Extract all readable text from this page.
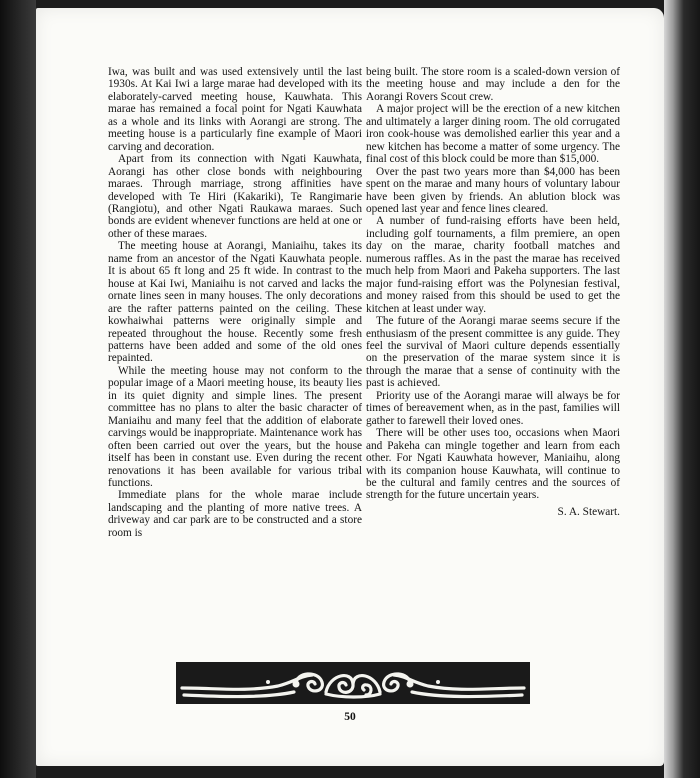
Iwa, was built and was used extensively until the last 1930s. At Kai Iwi a large marae had developed with its elaborately-carved meeting house, Kauwhata. This marae has remained a focal point for Ngati Kauwhata as a whole and its links with Aorangi are strong. The meeting house is a particularly fine example of Maori carving and decoration.

Apart from its connection with Ngati Kauwhata, Aorangi has other close bonds with neighbouring maraes. Through marriage, strong affinities have developed with Te Hiri (Kakariki), Te Rangimarie (Rangiotu), and other Ngati Raukawa maraes. Such bonds are evident whenever functions are held at one or other of these maraes.

The meeting house at Aorangi, Maniaihu, takes its name from an ancestor of the Ngati Kauwhata people. It is about 65 ft long and 25 ft wide. In contrast to the house at Kai Iwi, Maniaihu is not carved and lacks the ornate lines seen in many houses. The only decorations are the rafter patterns painted on the ceiling. These kowhaiwhai patterns were originally simple and repeated throughout the house. Recently some fresh patterns have been added and some of the old ones repainted.

While the meeting house may not conform to the popular image of a Maori meeting house, its beauty lies in its quiet dignity and simple lines. The present committee has no plans to alter the basic character of Maniaihu and many feel that the addition of elaborate carvings would be inappropriate. Maintenance work has often been carried out over the years, but the house itself has been in constant use. Even during the recent renovations it has been available for various tribal functions.

Immediate plans for the whole marae include landscaping and the planting of more native trees. A driveway and car park are to be constructed and a store room is

being built. The store room is a scaled-down version of the meeting house and may include a den for the Aorangi Rovers Scout crew.

A major project will be the erection of a new kitchen and ultimately a larger dining room. The old corrugated iron cook-house was demolished earlier this year and a new kitchen has become a matter of some urgency. The final cost of this block could be more than $15,000.

Over the past two years more than $4,000 has been spent on the marae and many hours of voluntary labour have been given by friends. An ablution block was opened last year and fence lines cleared.

A number of fund-raising efforts have been held, including golf tournaments, a film premiere, an open day on the marae, charity football matches and numerous raffles. As in the past the marae has received much help from Maori and Pakeha supporters. The last major fund-raising effort was the Polynesian festival, and money raised from this should be used to get the kitchen at least under way.

The future of the Aorangi marae seems secure if the enthusiasm of the present committee is any guide. They feel the survival of Maori culture depends essentially on the preservation of the marae system since it is through the marae that a sense of continuity with the past is achieved.

Priority use of the Aorangi marae will always be for times of bereavement when, as in the past, families will gather to farewell their loved ones.

There will be other uses too, occasions when Maori and Pakeha can mingle together and learn from each other. For Ngati Kauwhata however, Maniaihu, along with its companion house Kauwhata, will continue to be the cultural and family centres and the sources of strength for the future uncertain years.

S. A. Stewart.
50
